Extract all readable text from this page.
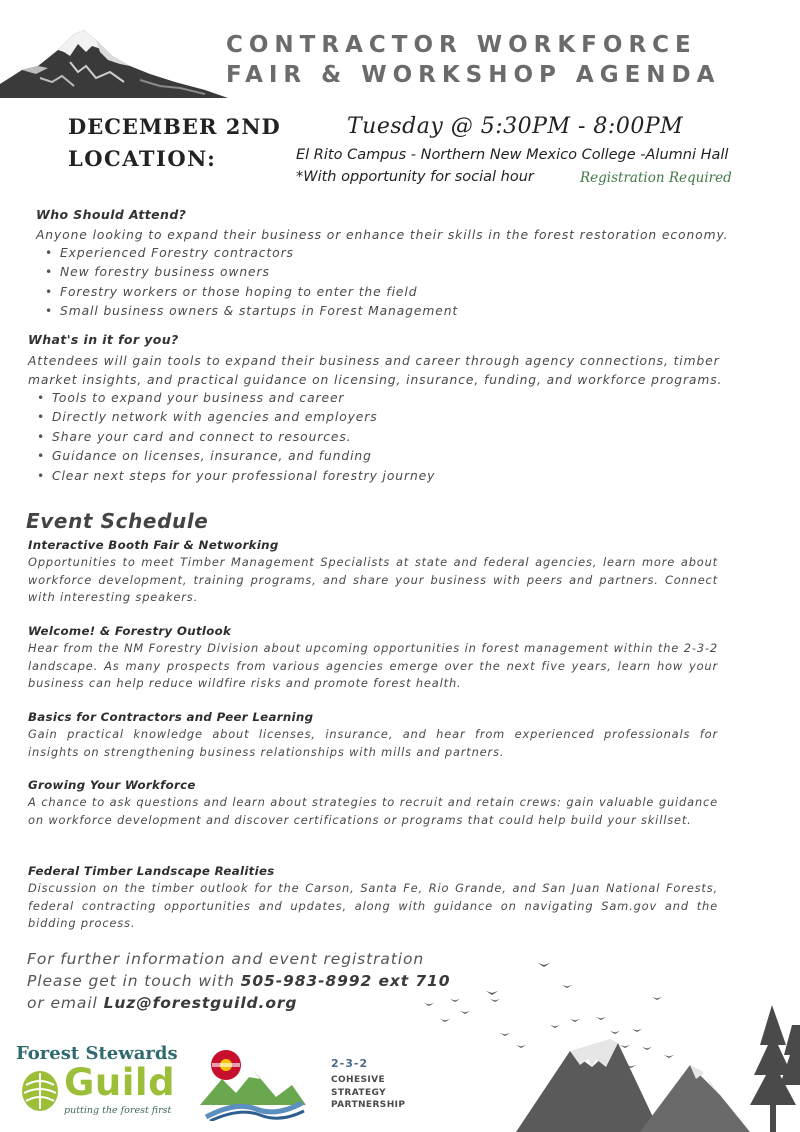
CONTRACTOR WORKFORCE
FAIR & WORKSHOP AGENDA
DECEMBER 2ND
LOCATION:
Tuesday @ 5:30PM - 8:00PM
El Rito Campus - Northern New Mexico College -Alumni Hall
*With opportunity for social hour	Registration Required
Who Should Attend?
Anyone looking to expand their business or enhance their skills in the forest restoration economy.
• Experienced Forestry contractors
• New forestry business owners
• Forestry workers or those hoping to enter the field
• Small business owners & startups in Forest Management
What's in it for you?
Attendees will gain tools to expand their business and career through agency connections, timber
market insights, and practical guidance on licensing, insurance, funding, and workforce programs.
• Tools to expand your business and career
• Directly network with agencies and employers
• Share your card and connect to resources.
• Guidance on licenses, insurance, and funding
• Clear next steps for your professional forestry journey
Event Schedule
Interactive Booth Fair & Networking
Opportunities to meet Timber Management Specialists at state and federal agencies, learn more about workforce development, training programs, and share your business with peers and partners. Connect with interesting speakers.
Welcome! & Forestry Outlook
Hear from the NM Forestry Division about upcoming opportunities in forest management within the 2-3-2 landscape. As many prospects from various agencies emerge over the next five years, learn how your business can help reduce wildfire risks and promote forest health.
Basics for Contractors and Peer Learning
Gain practical knowledge about licenses, insurance, and hear from experienced professionals for insights on strengthening business relationships with mills and partners.
Growing Your Workforce
A chance to ask questions and learn about strategies to recruit and retain crews: gain valuable guidance on workforce development and discover certifications or programs that could help build your skillset.
Federal Timber Landscape Realities
Discussion on the timber outlook for the Carson, Santa Fe, Rio Grande, and San Juan National Forests, federal contracting opportunities and updates, along with guidance on navigating Sam.gov and the bidding process.
For further information and event registration
Please get in touch with 505-983-8992 ext 710
or email Luz@forestguild.org
Forest Stewards
Guild
putting the forest first
2-3-2
COHESIVE
STRATEGY
PARTNERSHIP
